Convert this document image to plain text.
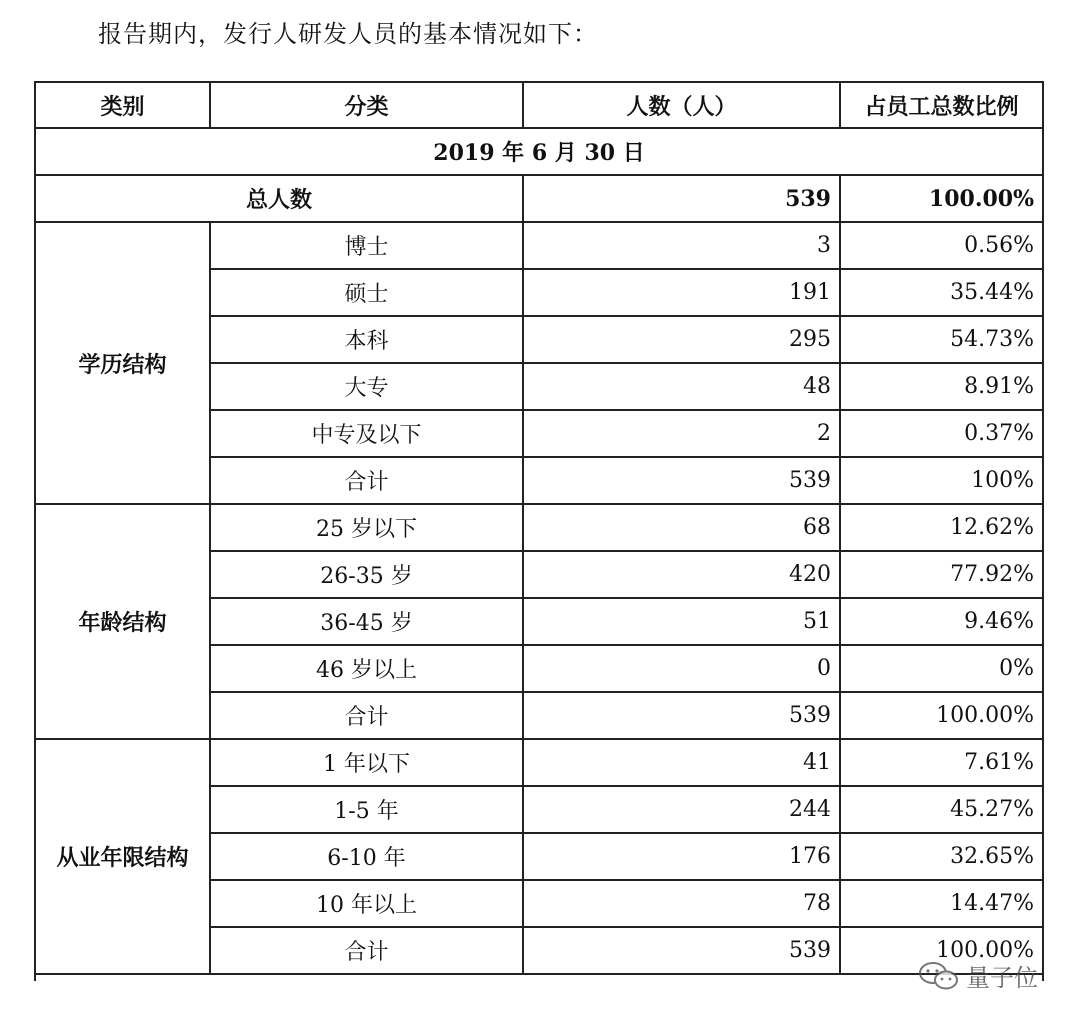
报告期内，发行人研发人员的基本情况如下：
类别	分类	人数（人）	占员工总数比例
2019 年 6 月 30 日			
总人数		539	100.00%
学历结构	博士	3	0.56%
	硕士	191	35.44%
	本科	295	54.73%
	大专	48	8.91%
	中专及以下	2	0.37%
	合计	539	100%
年龄结构	25 岁以下	68	12.62%
	26-35 岁	420	77.92%
	36-45 岁	51	9.46%
	46 岁以上	0	0%
	合计	539	100.00%
从业年限结构	1 年以下	41	7.61%
	1-5 年	244	45.27%
	6-10 年	176	32.65%
	10 年以上	78	14.47%
	合计	539	100.00%

量子位
